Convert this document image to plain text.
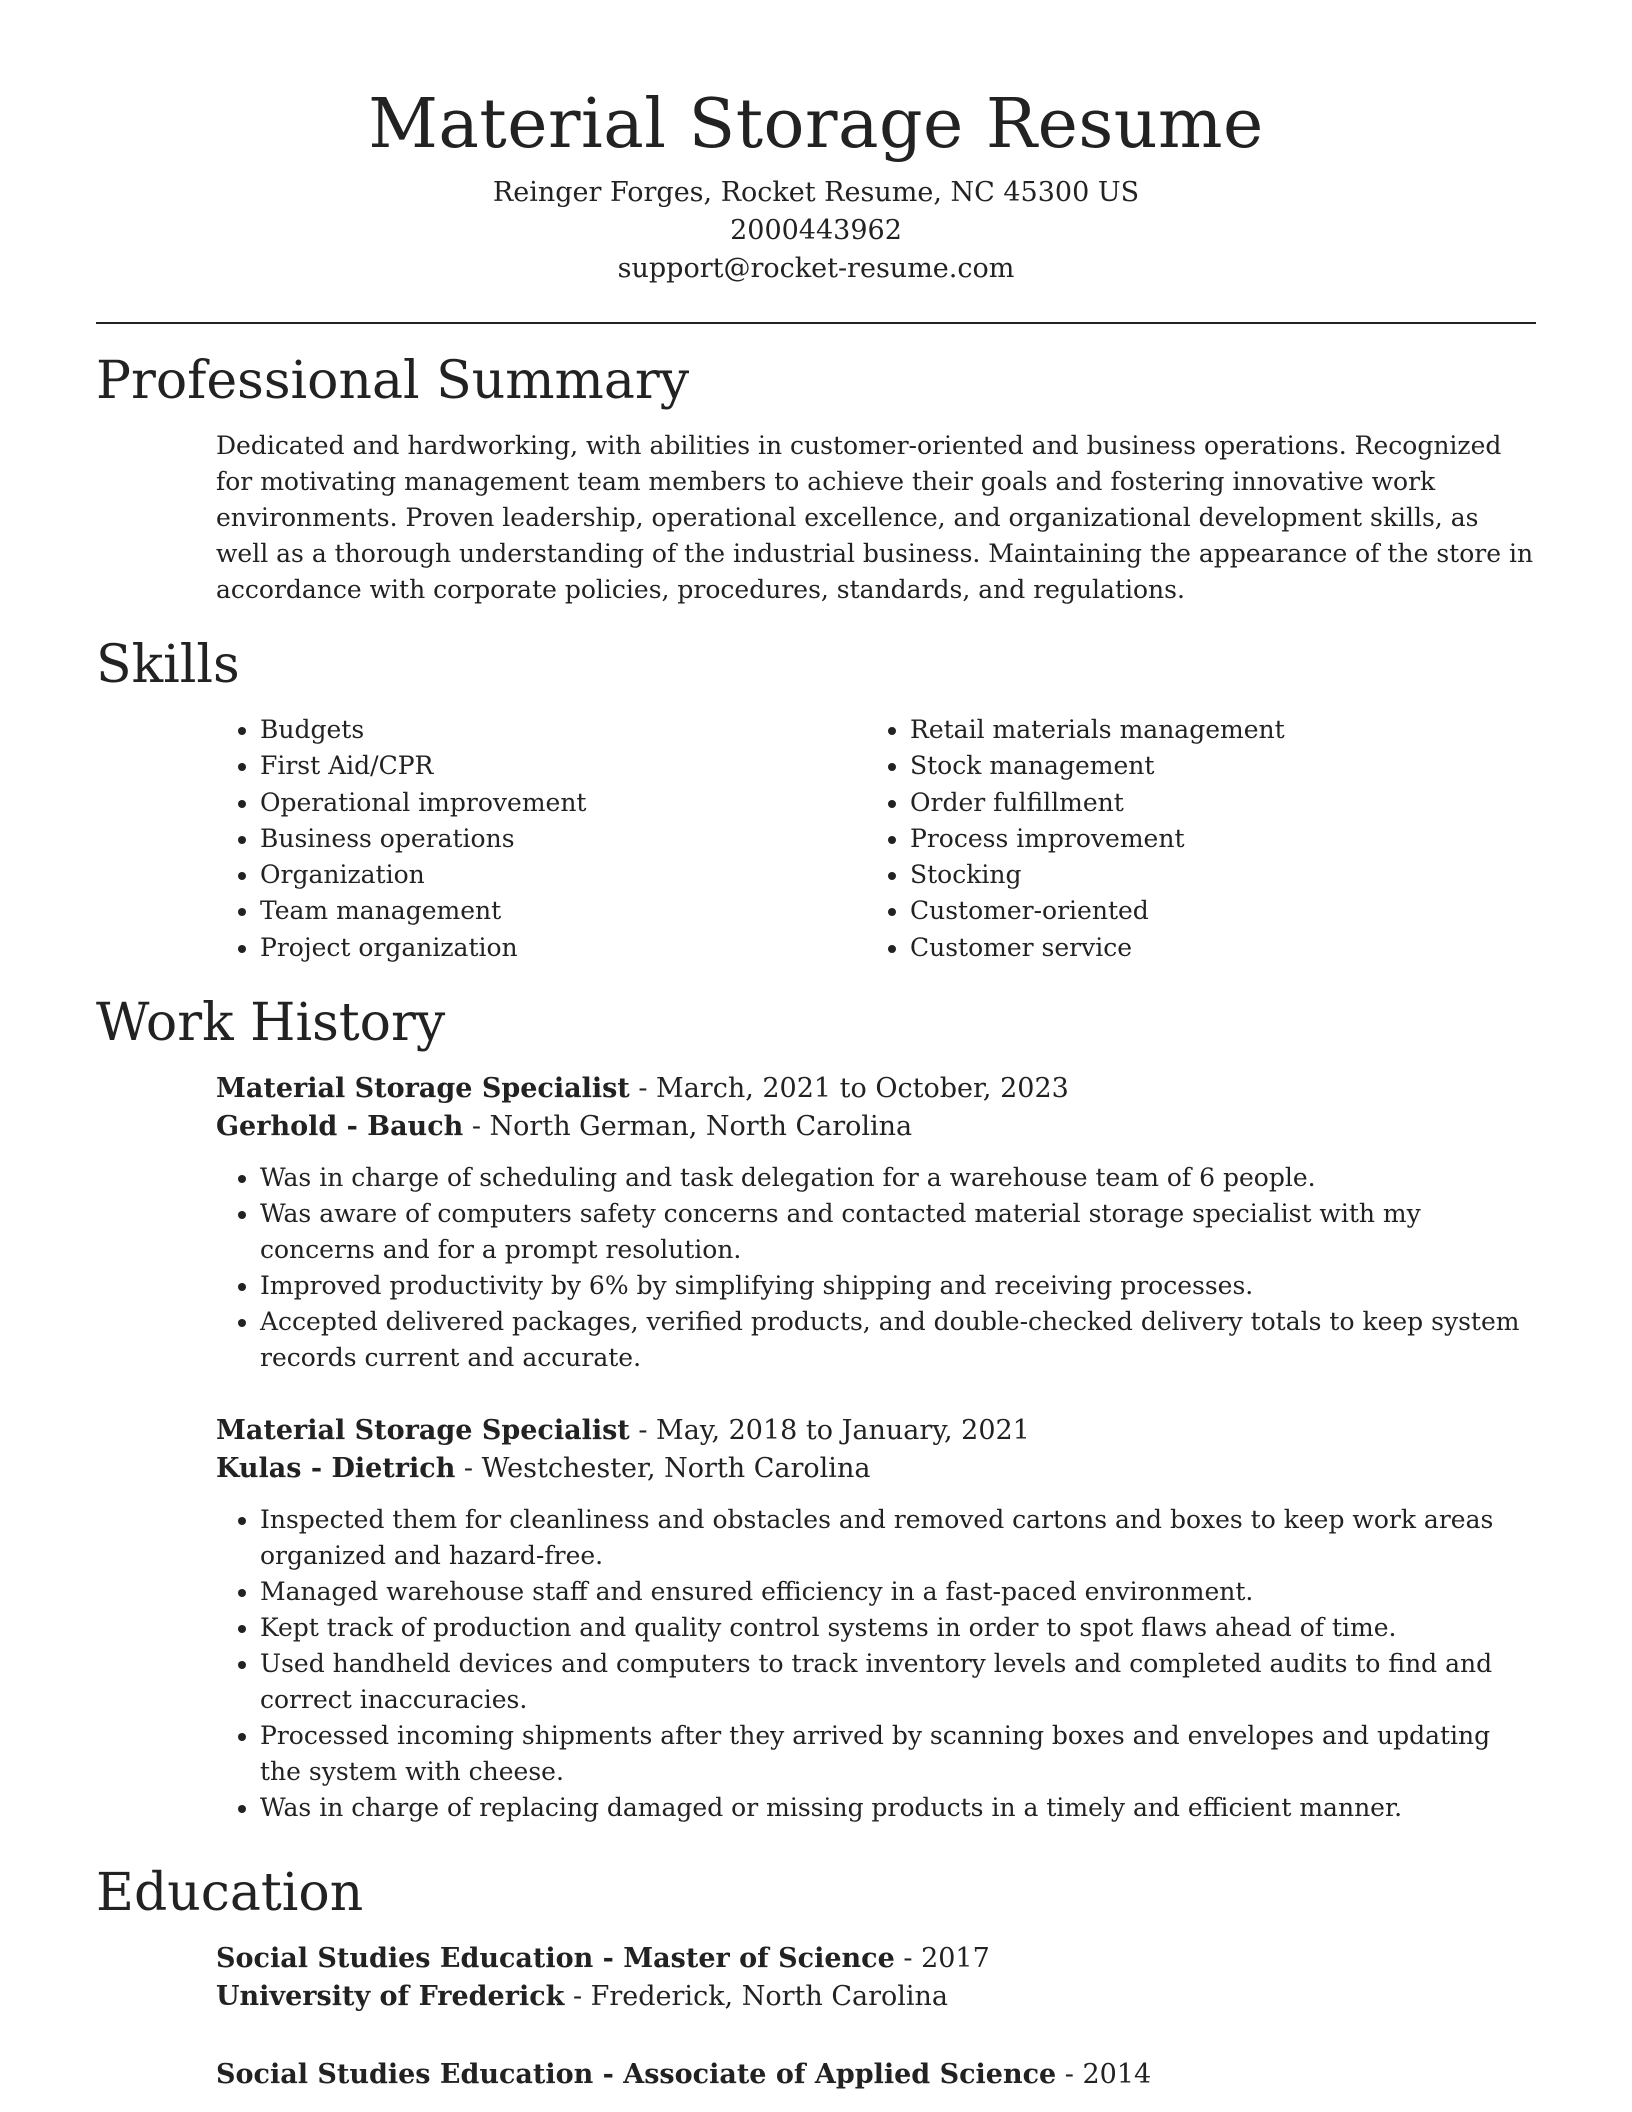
Material Storage Resume
Reinger Forges, Rocket Resume, NC 45300 US
2000443962
support@rocket-resume.com
Professional Summary

Dedicated and hardworking, with abilities in customer-oriented and business operations. Recognized for motivating management team members to achieve their goals and fostering innovative work environments. Proven leadership, operational excellence, and organizational development skills, as well as a thorough understanding of the industrial business. Maintaining the appearance of the store in accordance with corporate policies, procedures, standards, and regulations.

Skills
• Budgets
• First Aid/CPR
• Operational improvement
• Business operations
• Organization
• Team management
• Project organization
• Retail materials management
• Stock management
• Order fulfillment
• Process improvement
• Stocking
• Customer-oriented
• Customer service
Work History
Material Storage Specialist - March, 2021 to October, 2023
Gerhold - Bauch - North German, North Carolina
• Was in charge of scheduling and task delegation for a warehouse team of 6 people.
• Was aware of computers safety concerns and contacted material storage specialist with my concerns and for a prompt resolution.
• Improved productivity by 6% by simplifying shipping and receiving processes.
• Accepted delivered packages, verified products, and double-checked delivery totals to keep system records current and accurate.
Material Storage Specialist - May, 2018 to January, 2021
Kulas - Dietrich - Westchester, North Carolina
• Inspected them for cleanliness and obstacles and removed cartons and boxes to keep work areas organized and hazard-free.
• Managed warehouse staff and ensured efficiency in a fast-paced environment.
• Kept track of production and quality control systems in order to spot flaws ahead of time.
• Used handheld devices and computers to track inventory levels and completed audits to find and correct inaccuracies.
• Processed incoming shipments after they arrived by scanning boxes and envelopes and updating the system with cheese.
• Was in charge of replacing damaged or missing products in a timely and efficient manner.
Education
Social Studies Education - Master of Science - 2017
University of Frederick - Frederick, North Carolina
Social Studies Education - Associate of Applied Science - 2014
